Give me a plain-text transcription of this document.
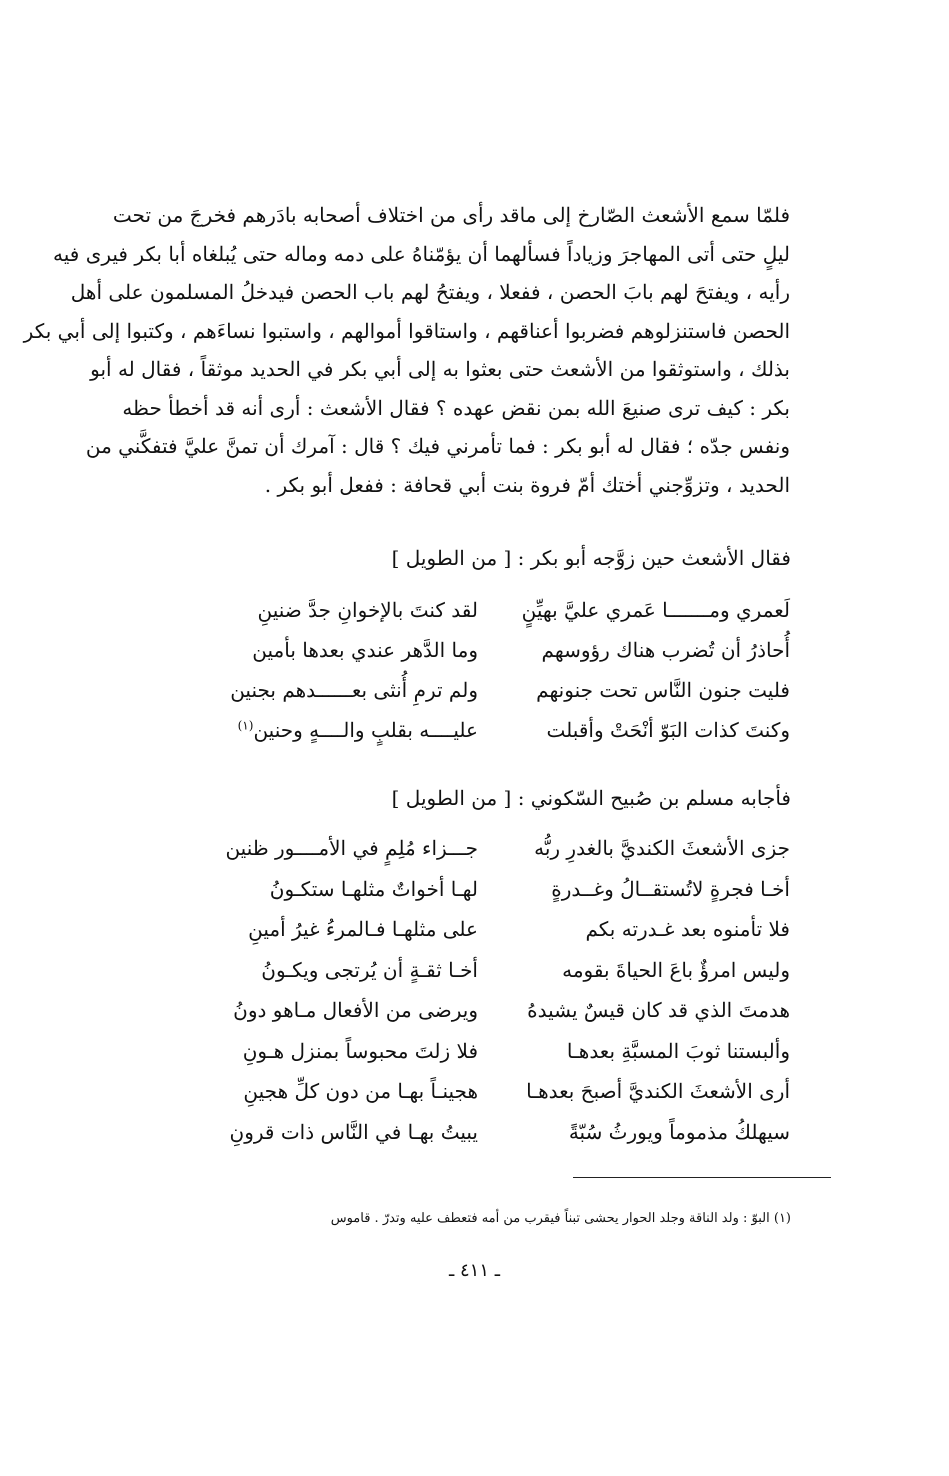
فلمّا سمع الأشعث الصّارخ إلى ماقد رأى من اختلاف أصحابه بادَرهم فخرجَ من تحت
ليلٍ حتى أتى المهاجرَ وزياداً فسألهما أن يؤمّناهُ على دمه وماله حتى يُبلغاه أبا بكر فيرى فيه
رأيه ، ويفتحَ لهم بابَ الحصن ، ففعلا ، ويفتحُ لهم باب الحصن فيدخلُ المسلمون على أهل
الحصن فاستنزلوهم فضربوا أعناقهم ، واستاقوا أموالهم ، واستبوا نساءَهم ، وكتبوا إلى أبي بكر
بذلك ، واستوثقوا من الأشعث حتى بعثوا به إلى أبي بكر في الحديد موثقاً ، فقال له أبو
بكر : كيف ترى صنيعَ الله بمن نقض عهده ؟ فقال الأشعث : أرى أنه قد أخطأ حظه
ونفس جدّه ؛ فقال له أبو بكر : فما تأمرني فيك ؟ قال : آمرك أن تمنَّ عليَّ فتفكَّني من
الحديد ، وتزوِّجني أختك أمّ فروة بنت أبي قحافة : ففعل أبو بكر .
فقال الأشعث حين زوَّجه أبو بكر : [ من الطويل ]
لَعمري ومـــــــا عَمري عليَّ بهيِّنٍ
لقد كنتَ بالإخوانِ جدَّ ضنينِ
أُحاذرُ أن تُضرب هناك رؤوسهم
وما الدَّهر عندي بعدها بأمين
فليت جنون النَّاس تحت جنونهم
ولم ترمِ أُنثى بعــــــدهم بجنين
وكنتَ كذات البَوّ أنْحَتْ وأقبلت
عليــــه بقلبٍ والــــهٍ وحنين$^{(١)}$
فأجابه مسلم بن صُبيح السّكوني : [ من الطويل ]
جزى الأشعثَ الكنديَّ بالغدرِ ربُّه
جـــزاء مُلِمٍ في الأمــــور ظنين
أخـا فجرةٍ لاتُستقــالُ وغــدرةٍ
لهـا أخواتٌ مثلهـا ستكـونُ
فلا تأمنوه بعد غـدرته بكم
على مثلهـا فـالمرءُ غيرُ أمينِ
وليس امرؤٌ باعَ الحياةَ بقومه
أخـا ثقـةٍ أن يُرتجى ويكـونُ
هدمتَ الذي قد كان قيسٌ يشيدهُ
ويرضى من الأفعال مـاهو دونُ
وألبستنا ثوبَ المسبَّةِ بعدهـا
فلا زلتَ محبوساً بمنزل هـونِ
أرى الأشعثَ الكنديَّ أصبحَ بعدهـا
هجينـاً بهـا من دون كلِّ هجينِ
سيهلكُ مذموماً ويورثُ سُبّةً
يبيتُ بهـا في النَّاس ذات قرونِ
(١) البوّ : ولد الناقة وجلد الحوار يحشى تبناً فيقرب من أمه فتعطف عليه وتدرّ . قاموس
ـ ٤١١ ـ
